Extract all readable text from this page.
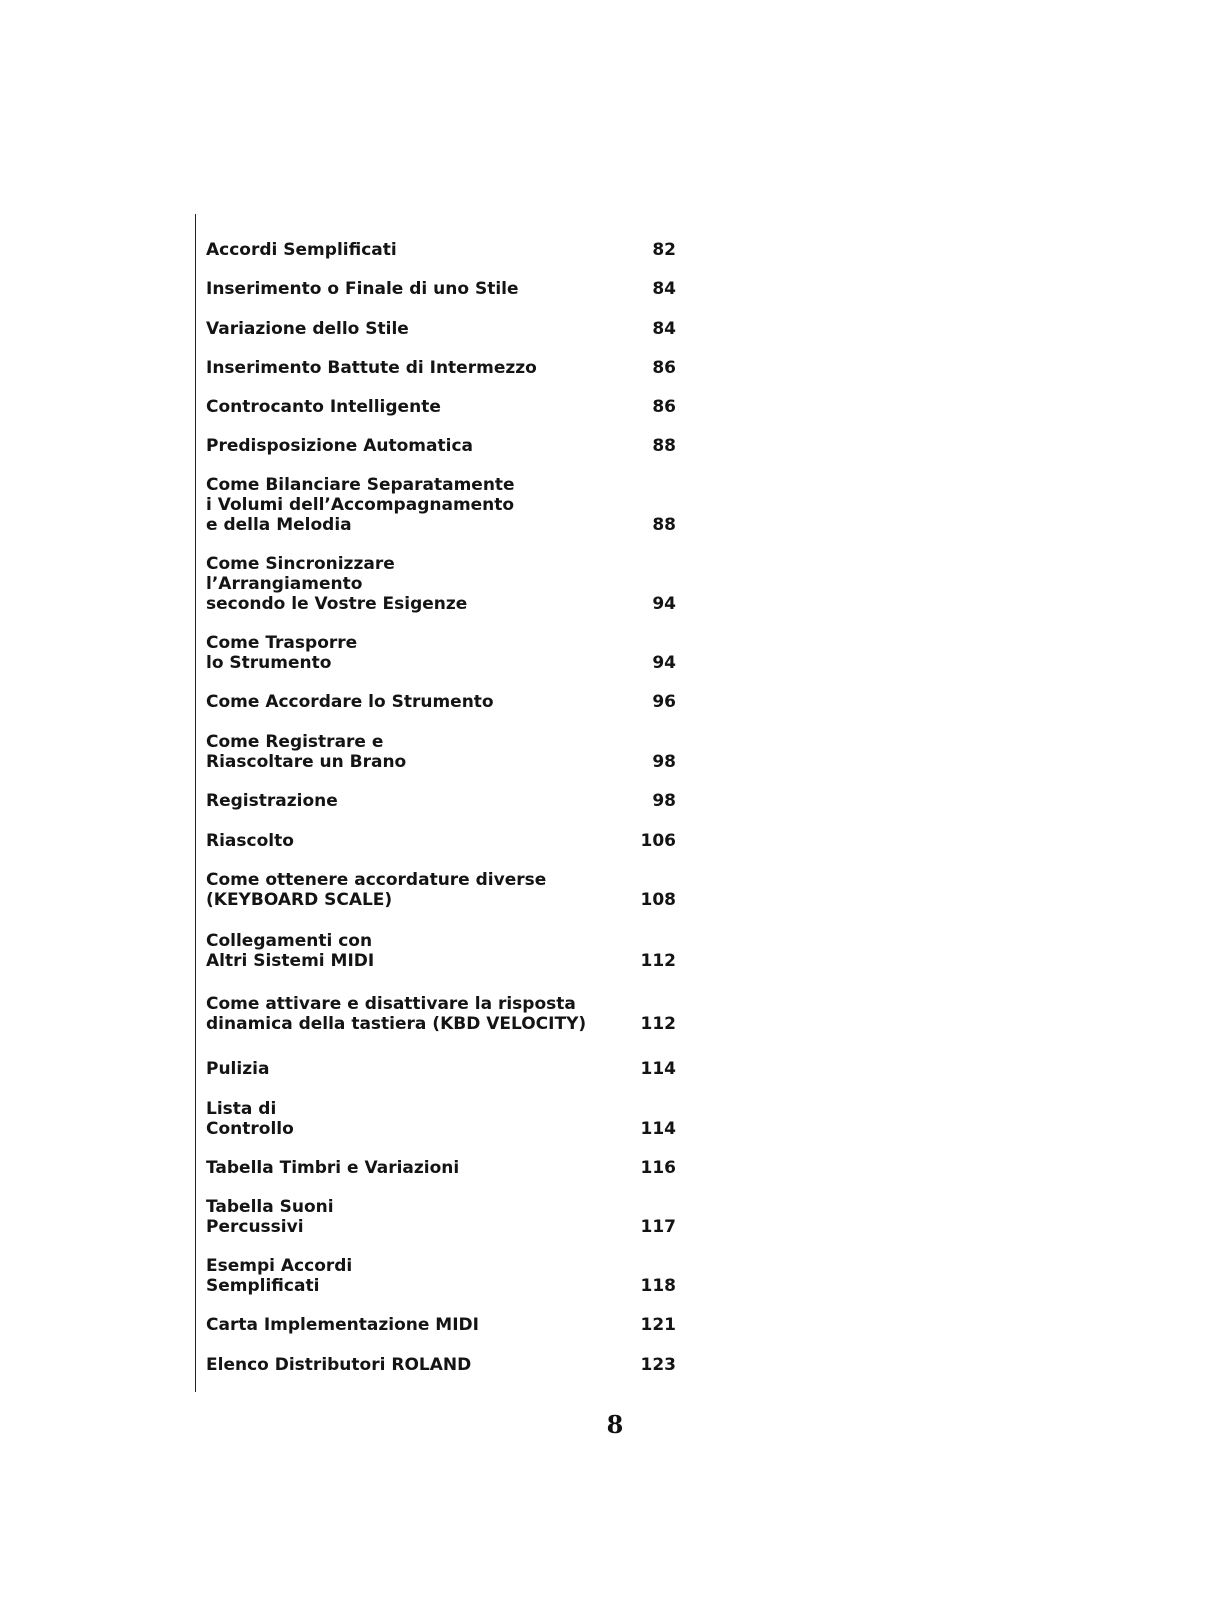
Accordi Semplificati	82
Inserimento o Finale di uno Stile	84
Variazione dello Stile	84
Inserimento Battute di Intermezzo	86
Controcanto Intelligente	86
Predisposizione Automatica	88
Come Bilanciare Separatamente
i Volumi dell’Accompagnamento
e della Melodia	88
Come Sincronizzare
l’Arrangiamento
secondo le Vostre Esigenze	94
Come Trasporre
lo Strumento	94
Come Accordare lo Strumento	96
Come Registrare e
Riascoltare un Brano	98
Registrazione	98
Riascolto	106
Come ottenere accordature diverse
(KEYBOARD SCALE)	108
Collegamenti con
Altri Sistemi MIDI	112
Come attivare e disattivare la risposta
dinamica della tastiera (KBD VELOCITY)	112
Pulizia	114
Lista di
Controllo	114
Tabella Timbri e Variazioni	116
Tabella Suoni
Percussivi	117
Esempi Accordi
Semplificati	118
Carta Implementazione MIDI	121
Elenco Distributori ROLAND	123
8
